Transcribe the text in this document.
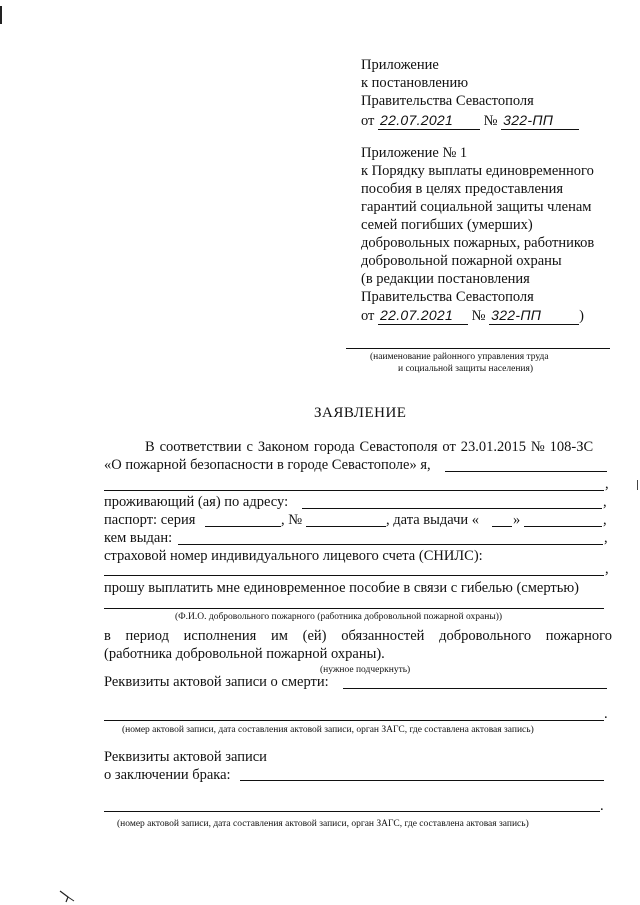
Приложение
к постановлению
Правительства Севастополя
от 22.07.2021 № 322-ПП
Приложение № 1
к Порядку выплаты единовременного
пособия в целях предоставления
гарантий социальной защиты членам
семей погибших (умерших)
добровольных пожарных, работников
добровольной пожарной охраны
(в редакции постановления
Правительства Севастополя
от 22.07.2021 № 322-ПП	)
(наименование районного управления труда
и социальной защиты населения)
ЗАЯВЛЕНИЕ
В соответствии с Законом города Севастополя от 23.01.2015 № 108-ЗС
«О пожарной безопасности в городе Севастополе» я,
,
проживающий (ая) по адресу:	,
паспорт: серия	, №	, дата выдачи « »	,
кем выдан:	,
страховой номер индивидуального лицевого счета (СНИЛС):
,
прошу выплатить мне единовременное пособие в связи с гибелью (смертью)
(Ф.И.О. добровольного пожарного (работника добровольной пожарной охраны))
в период исполнения им (ей) обязанностей добровольного пожарного
(работника добровольной пожарной охраны).
(нужное подчеркнуть)
Реквизиты актовой записи о смерти:
.
(номер актовой записи, дата составления актовой записи, орган ЗАГС, где составлена актовая запись)
Реквизиты актовой записи
о заключении брака:
.
(номер актовой записи, дата составления актовой записи, орган ЗАГС, где составлена актовая запись)
